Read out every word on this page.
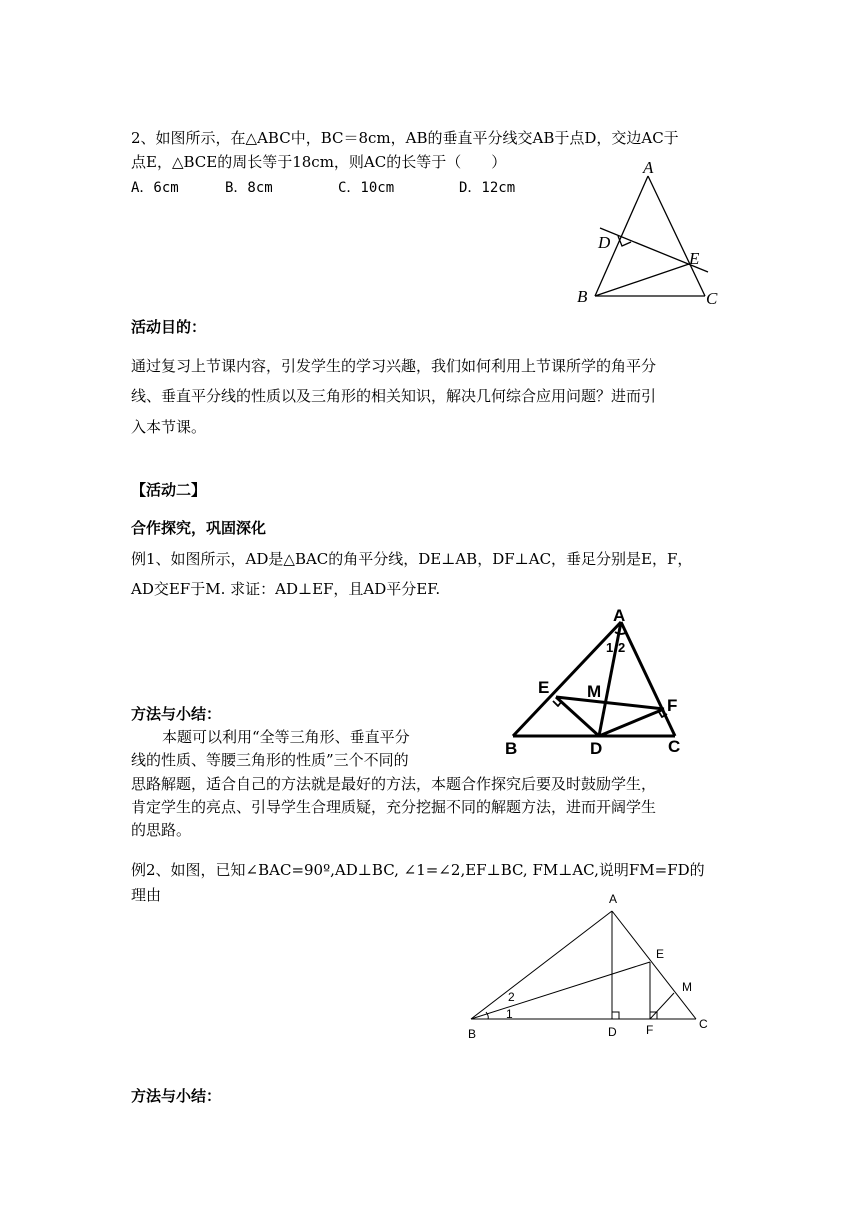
2、如图所示，在△ABC中，BC＝8cm，AB的垂直平分线交AB于点D，交边AC于
点E，△BCE的周长等于18cm，则AC的长等于（　　）
A．6cm	B．8cm	C．10cm	D．12cm
A
B	C
D
E
活动目的：
通过复习上节课内容，引发学生的学习兴趣，我们如何利用上节课所学的角平分
线、垂直平分线的性质以及三角形的相关知识，解决几何综合应用问题？进而引
入本节课。
【活动二】
合作探究，巩固深化
例1、如图所示，AD是△BAC的角平分线，DE⊥AB，DF⊥AC，垂足分别是E，F，
AD交EF于M. 求证：AD⊥EF，且AD平分EF.
A
B	C
D
E
F
M
1 2
方法与小结：
本题可以利用“全等三角形、垂直平分
线的性质、等腰三角形的性质”三个不同的
思路解题，适合自己的方法就是最好的方法，本题合作探究后要及时鼓励学生，
肯定学生的亮点、引导学生合理质疑，充分挖掘不同的解题方法，进而开阔学生
的思路。
例2、如图，已知∠BAC=90º,AD⊥BC, ∠1=∠2,EF⊥BC, FM⊥AC,说明FM=FD的
理由	A
B
C
D
E
F
M
1
2
方法与小结：
